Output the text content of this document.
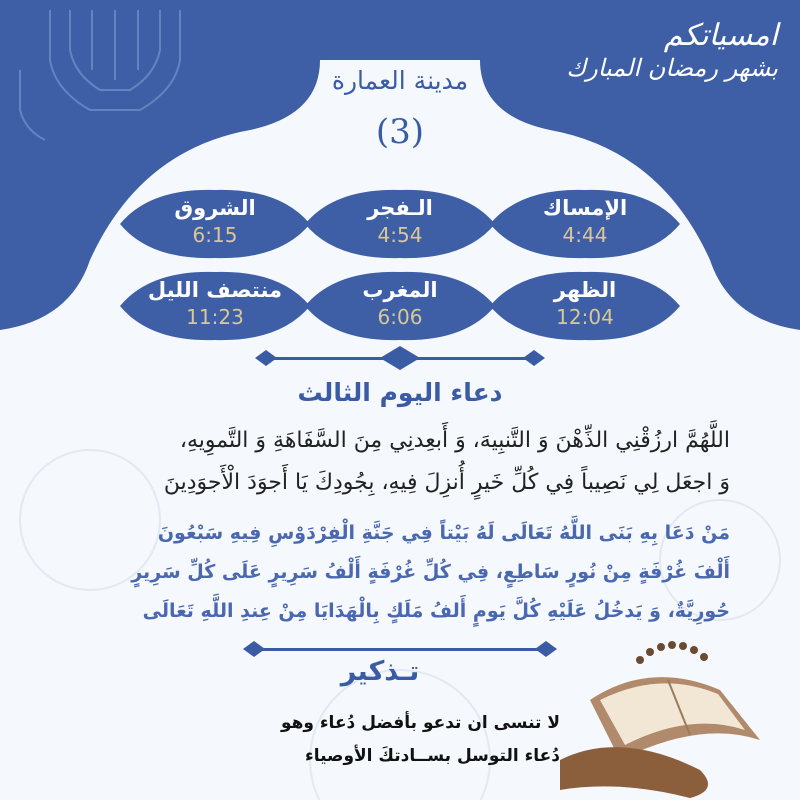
امسياتكم
بشهر رمضان المبارك
مدينة العمارة
(3)
الشروق
6:15
الـفجر
4:54
الإمساك
4:44
منتصف الليل
11:23
المغرب
6:06
الظهر
12:04
دعاء اليوم الثالث
اللَّهُمَّ ارزُقْنِي الذِّهْنَ وَ التَّنبِيهَ، وَ أَبعِدنِي مِنَ السَّفَاهَةِ وَ التَّموِيهِ،
وَ اجعَل لِي نَصِيباً فِي كُلِّ خَيرٍ أُنزِلَ فِيهِ، بِجُودِكَ يَا أَجوَدَ الْأَجوَدِينَ
مَنْ دَعَا بِهِ بَنَى اللَّهُ تَعَالَى لَهُ بَيْتاً فِي جَنَّةِ الْفِرْدَوْسِ فِيهِ سَبْعُونَ
أَلْفَ غُرْفَةٍ مِنْ نُورٍ سَاطِعٍ، فِي كُلِّ غُرْفَةٍ أَلْفُ سَرِيرٍ عَلَى كُلِّ سَرِيرٍ
حُورِيَّةٌ، وَ يَدخُلُ عَلَيْهِ كُلَّ يَومٍ أَلفُ مَلَكٍ بِالْهَدَايَا مِنْ عِندِ اللَّهِ تَعَالَى
تـذكير
لا تنسى ان تدعو بأفضل دُعاء وهو
دُعاء التوسل بســادتكَ الأوصياء
